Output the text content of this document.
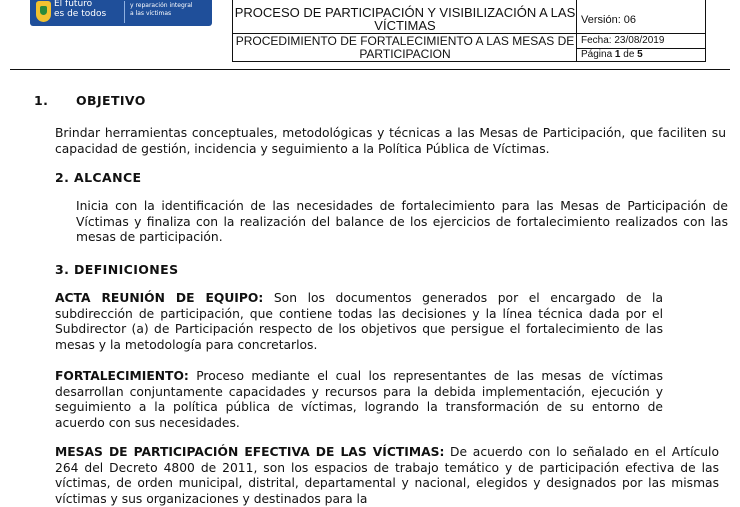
El futuro
es de todos
y reparación integral
a las víctimas	PROCESO DE PARTICIPACIÓN Y VISIBILIZACIÓN A LAS VÍCTIMAS
PROCEDIMIENTO DE FORTALECIMIENTO A LAS MESAS DE PARTICIPACION
Versión: 06
Fecha: 23/08/2019
Página 1 de 5
1. OBJETIVO
Brindar herramientas conceptuales, metodológicas y técnicas a las Mesas de Participación, que faciliten su capacidad de gestión, incidencia y seguimiento a la Política Pública de Víctimas.
2. ALCANCE
Inicia con la identificación de las necesidades de fortalecimiento para las Mesas de Participación de Víctimas y finaliza con la realización del balance de los ejercicios de fortalecimiento realizados con las mesas de participación.
3. DEFINICIONES
ACTA REUNIÓN DE EQUIPO: Son los documentos generados por el encargado de la subdirección de participación, que contiene todas las decisiones y la línea técnica dada por el Subdirector (a) de Participación respecto de los objetivos que persigue el fortalecimiento de las mesas y la metodología para concretarlos.
FORTALECIMIENTO: Proceso mediante el cual los representantes de las mesas de víctimas desarrollan conjuntamente capacidades y recursos para la debida implementación, ejecución y seguimiento a la política pública de víctimas, logrando la transformación de su entorno de acuerdo con sus necesidades.
MESAS DE PARTICIPACIÓN EFECTIVA DE LAS VÍCTIMAS: De acuerdo con lo señalado en el Artículo 264 del Decreto 4800 de 2011, son los espacios de trabajo temático y de participación efectiva de las víctimas, de orden municipal, distrital, departamental y nacional, elegidos y designados por las mismas víctimas y sus organizaciones y destinados para la
